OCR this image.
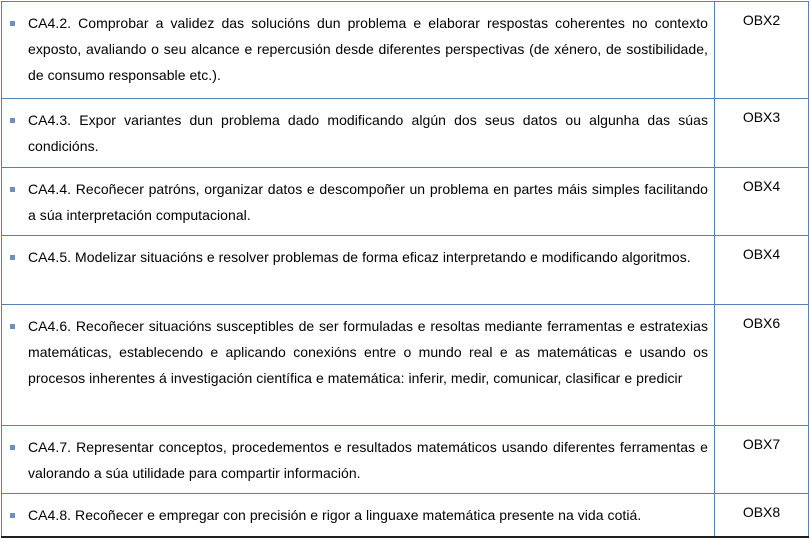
CA4.2. Comprobar a validez das solucións dun problema e elaborar respostas coherentes no contexto exposto, avaliando o seu alcance e repercusión desde diferentes perspectivas (de xénero, de sostibilidade, de consumo responsable etc.).	OBX2

CA4.3. Expor variantes dun problema dado modificando algún dos seus datos ou algunha das súas condicións.	OBX3

CA4.4. Recoñecer patróns, organizar datos e descompoñer un problema en partes máis simples facilitando a súa interpretación computacional.	OBX4

CA4.5. Modelizar situacións e resolver problemas de forma eficaz interpretando e modificando algoritmos.	OBX4

CA4.6. Recoñecer situacións susceptibles de ser formuladas e resoltas mediante ferramentas e estratexias matemáticas, establecendo e aplicando conexións entre o mundo real e as matemáticas e usando os procesos inherentes á investigación científica e matemática: inferir, medir, comunicar, clasificar e predicir	OBX6

CA4.7. Representar conceptos, procedementos e resultados matemáticos usando diferentes ferramentas e valorando a súa utilidade para compartir información.	OBX7

CA4.8. Recoñecer e empregar con precisión e rigor a linguaxe matemática presente na vida cotiá.	OBX8
